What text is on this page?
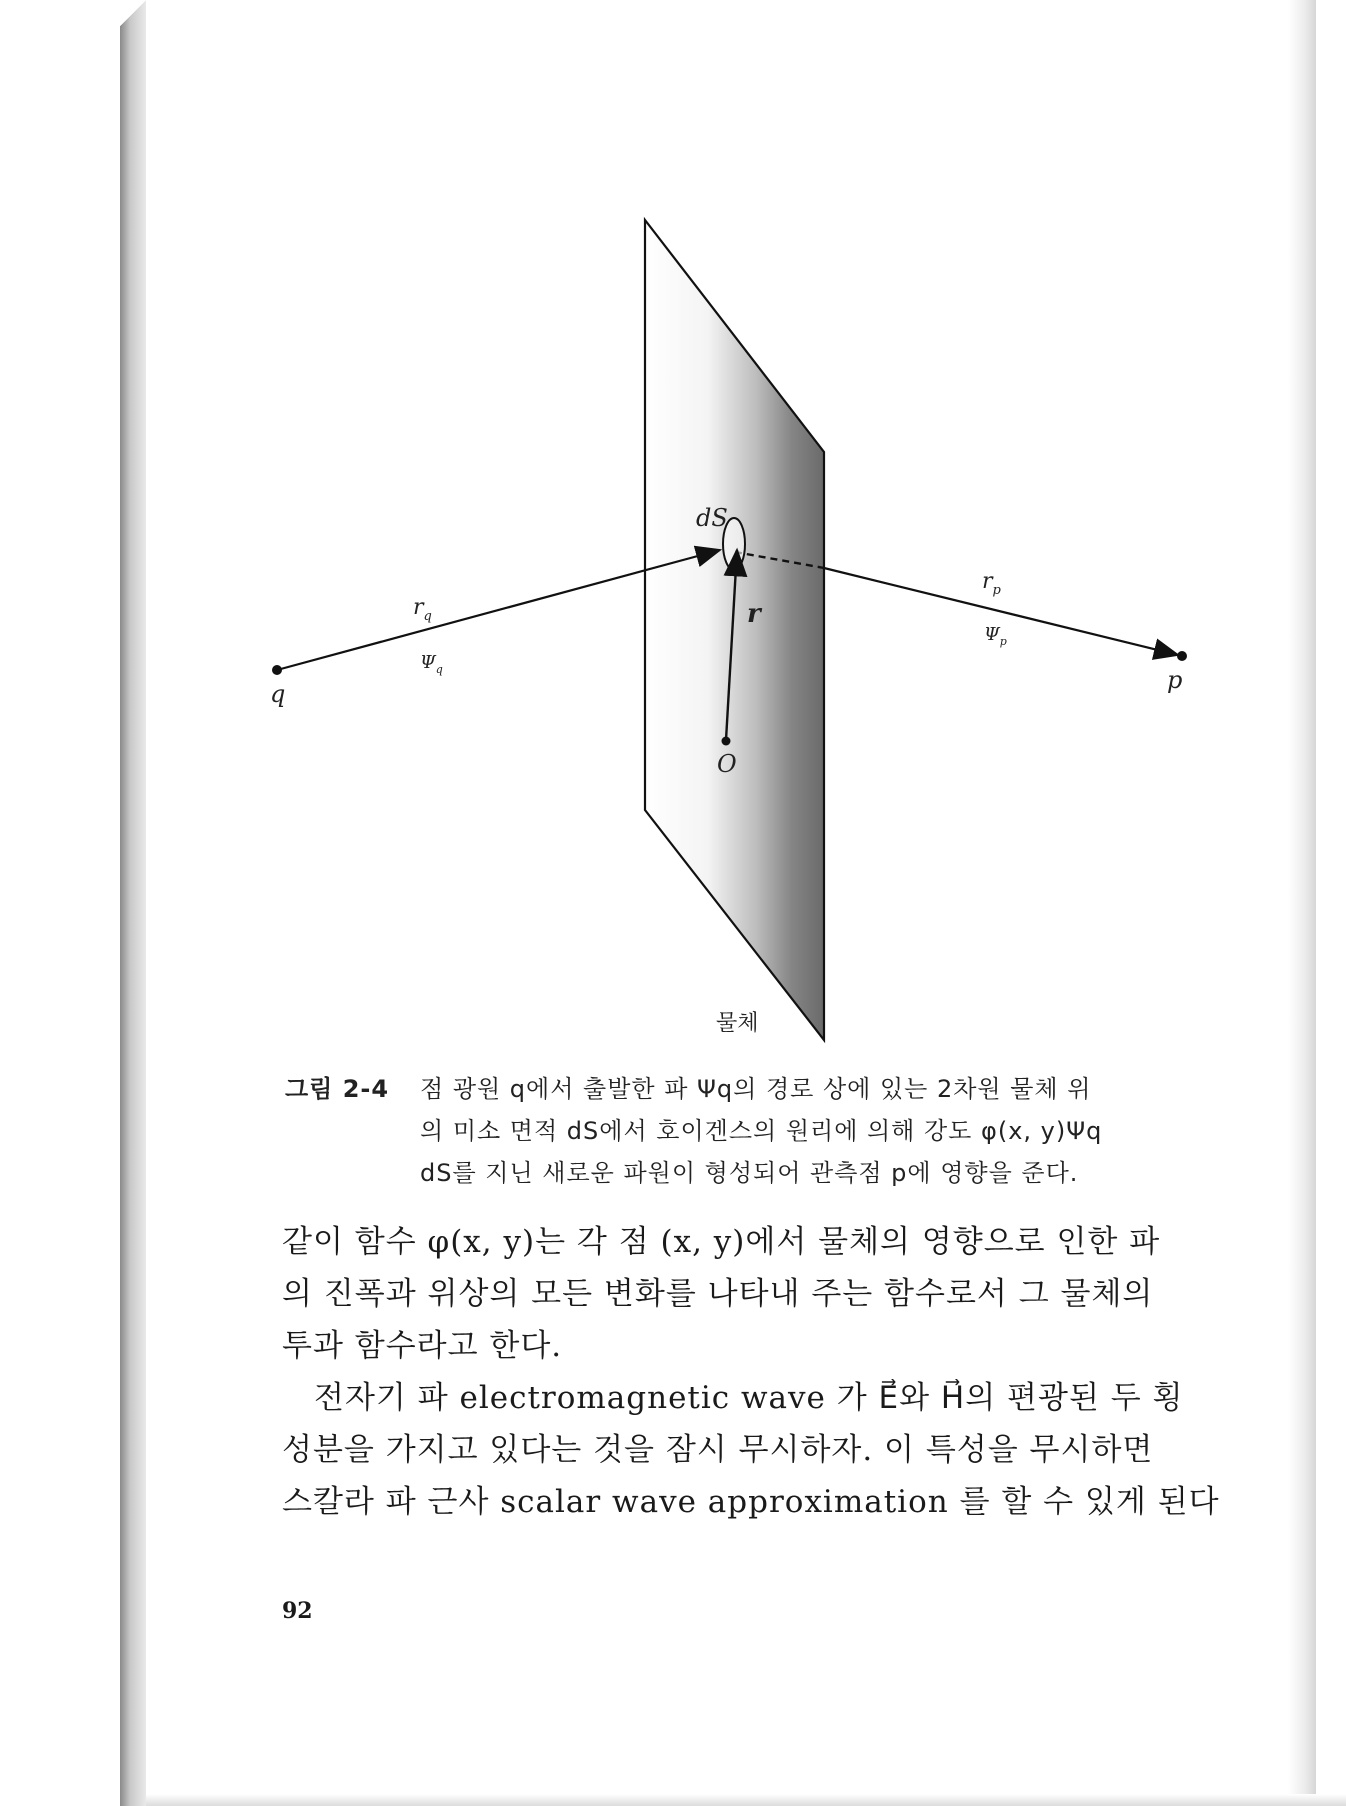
q	p
O
dS
r
$r_q$
$\Psi_q$
$r_p$
$\Psi_p$
물체
그림 2-4 점 광원 q에서 출발한 파 Ψq의 경로 상에 있는 2차원 물체 위
의 미소 면적 dS에서 호이겐스의 원리에 의해 강도 φ(x, y)Ψq
dS를 지닌 새로운 파원이 형성되어 관측점 p에 영향을 준다.
같이 함수 φ(x, y)는 각 점 (x, y)에서 물체의 영향으로 인한 파
의 진폭과 위상의 모든 변화를 나타내 주는 함수로서 그 물체의
투과 함수라고 한다.
전자기 파 electromagnetic wave 가 E⃗와 H⃗의 편광된 두 횡
성분을 가지고 있다는 것을 잠시 무시하자. 이 특성을 무시하면
스칼라 파 근사 scalar wave approximation 를 할 수 있게 된다
92
